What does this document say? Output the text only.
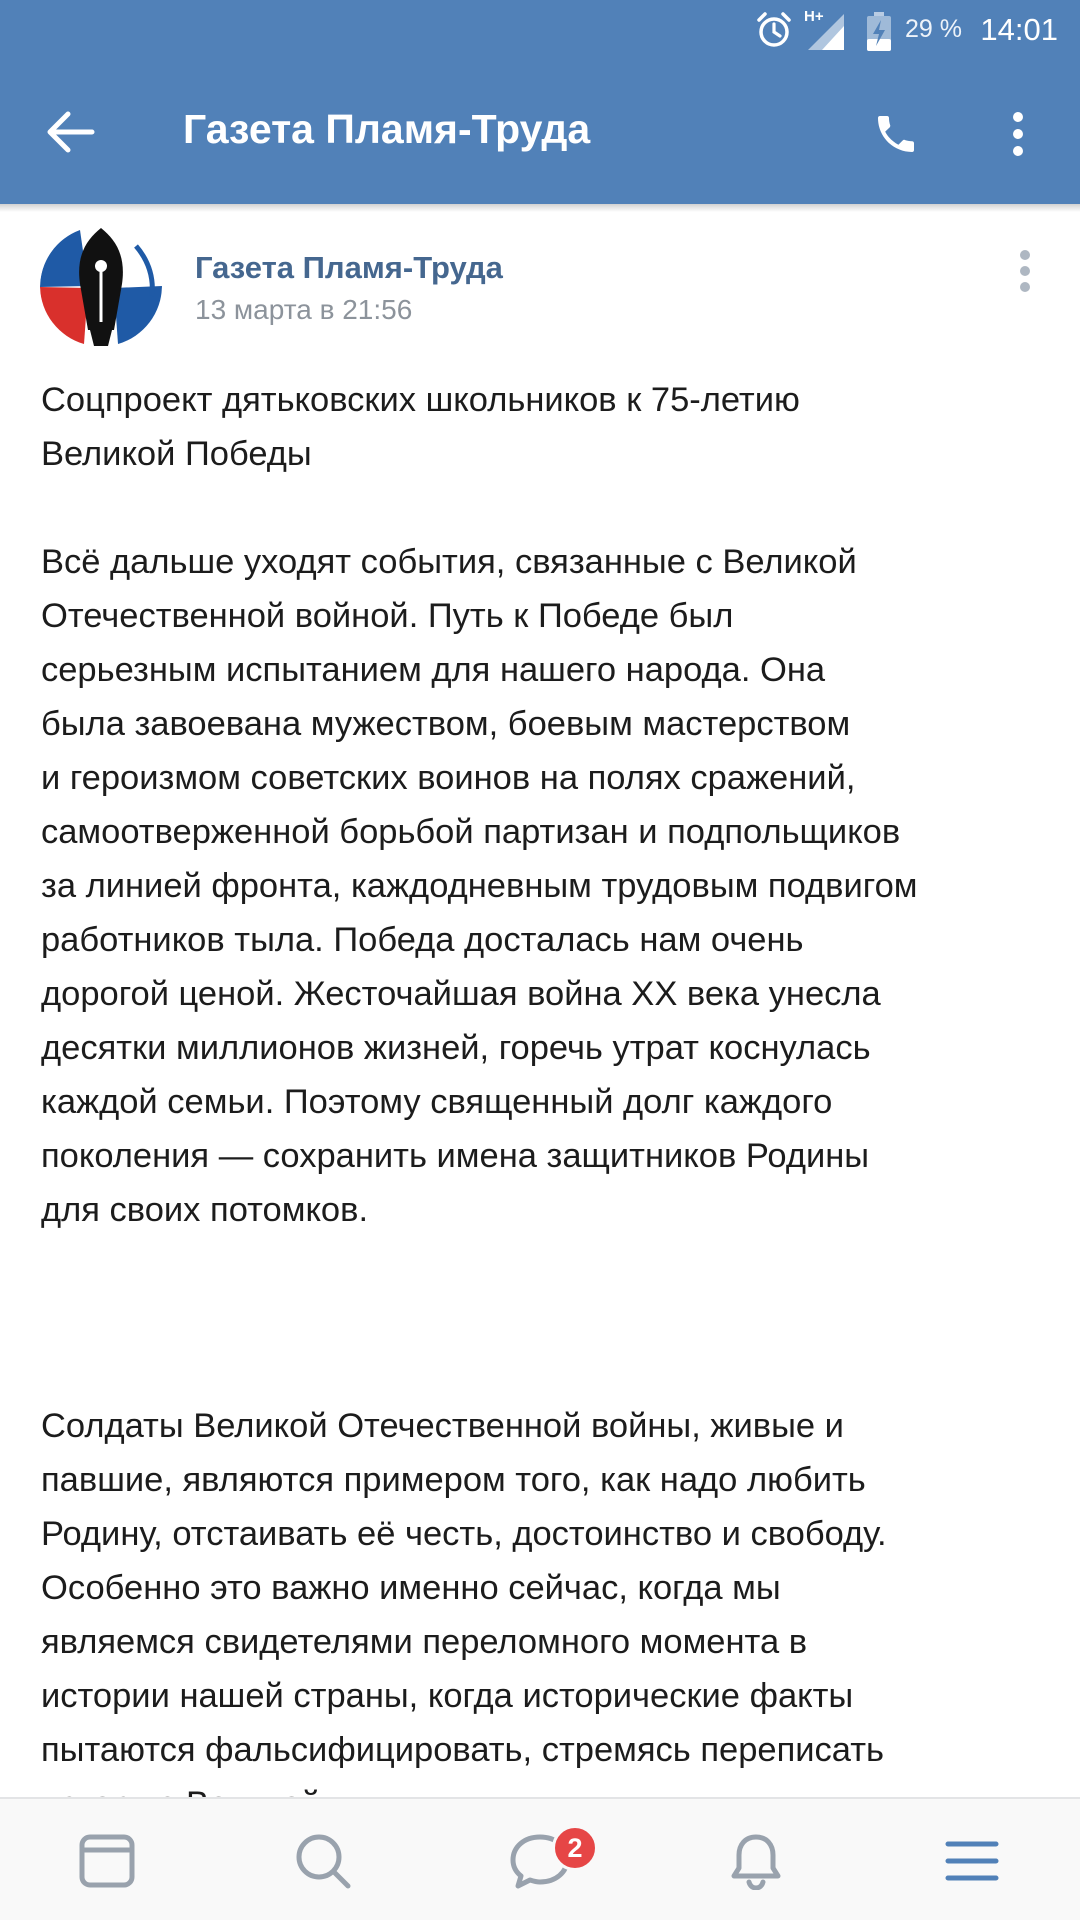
H+	29 % 14:01
Газета Пламя-Труда
Газета Пламя-Труда
13 марта в 21:56
Соцпроект дятьковских школьников к 75-летию
Великой Победы

Всё дальше уходят события, связанные с Великой
Отечественной войной. Путь к Победе был
серьезным испытанием для нашего народа. Она
была завоевана мужеством, боевым мастерством
и героизмом советских воинов на полях сражений,
самоотверженной борьбой партизан и подпольщиков
за линией фронта, каждодневным трудовым подвигом
работников тыла. Победа досталась нам очень
дорогой ценой. Жесточайшая война XX века унесла
десятки миллионов жизней, горечь утрат коснулась
каждой семьи. Поэтому священный долг каждого
поколения — сохранить имена защитников Родины
для своих потомков.

Солдаты Великой Отечественной войны, живые и
павшие, являются примером того, как надо любить
Родину, отстаивать её честь, достоинство и свободу.
Особенно это важно именно сейчас, когда мы
являемся свидетелями переломного момента в
истории нашей страны, когда исторические факты
пытаются фальсифицировать, стремясь переписать

2
